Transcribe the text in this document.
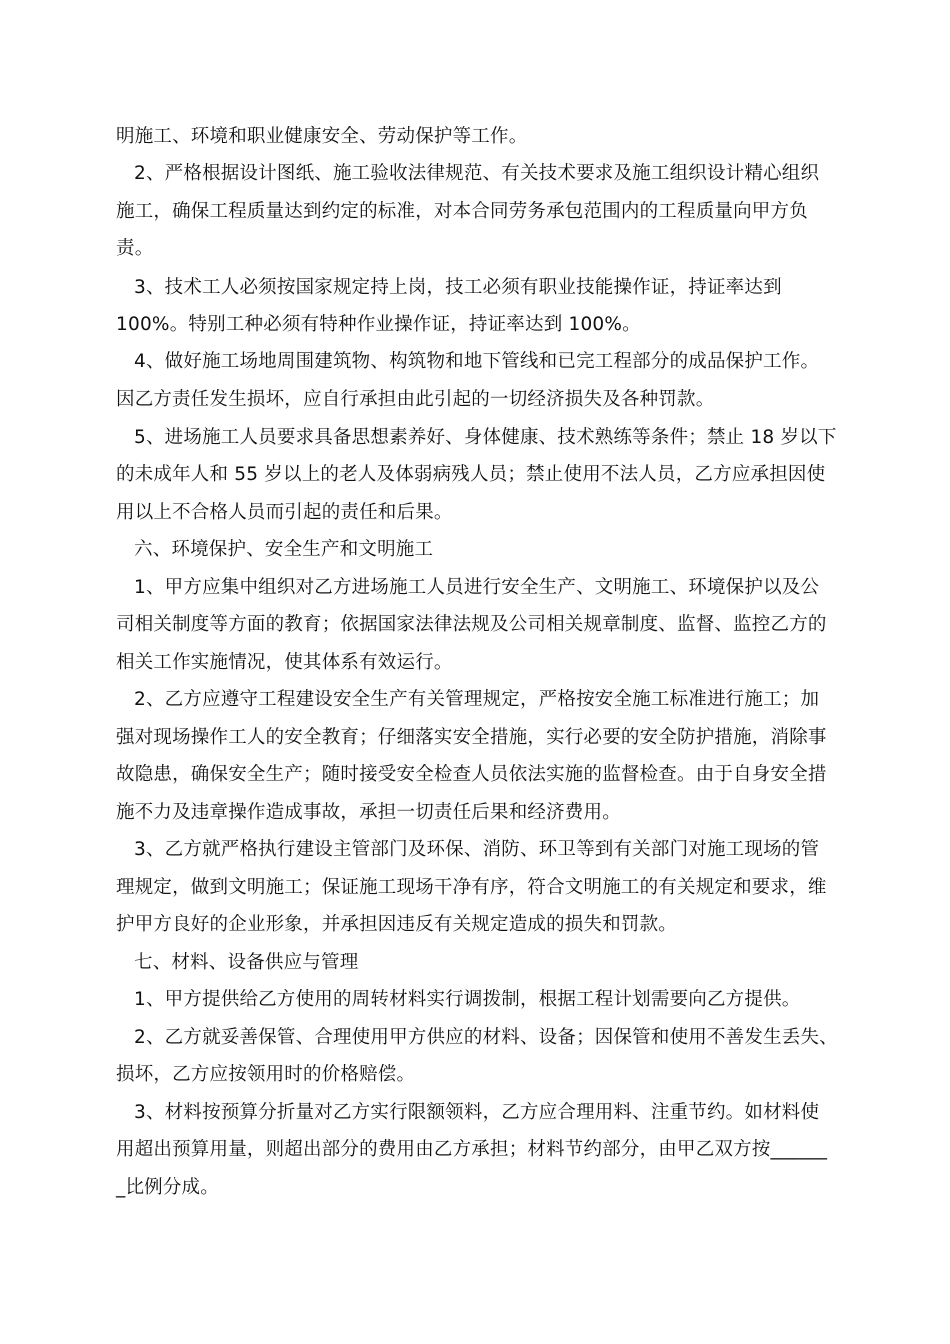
明施工、环境和职业健康安全、劳动保护等工作。
2、严格根据设计图纸、施工验收法律规范、有关技术要求及施工组织设计精心组织
施工，确保工程质量达到约定的标准，对本合同劳务承包范围内的工程质量向甲方负
责。
3、技术工人必须按国家规定持上岗，技工必须有职业技能操作证，持证率达到
100%。特别工种必须有特种作业操作证，持证率达到 100%。
4、做好施工场地周围建筑物、构筑物和地下管线和已完工程部分的成品保护工作。
因乙方责任发生损坏，应自行承担由此引起的一切经济损失及各种罚款。
5、进场施工人员要求具备思想素养好、身体健康、技术熟练等条件；禁止 18 岁以下
的未成年人和 55 岁以上的老人及体弱病残人员；禁止使用不法人员，乙方应承担因使
用以上不合格人员而引起的责任和后果。
六、环境保护、安全生产和文明施工
1、甲方应集中组织对乙方进场施工人员进行安全生产、文明施工、环境保护以及公
司相关制度等方面的教育；依据国家法律法规及公司相关规章制度、监督、监控乙方的
相关工作实施情况，使其体系有效运行。
2、乙方应遵守工程建设安全生产有关管理规定，严格按安全施工标准进行施工；加
强对现场操作工人的安全教育；仔细落实安全措施，实行必要的安全防护措施，消除事
故隐患，确保安全生产；随时接受安全检查人员依法实施的监督检查。由于自身安全措
施不力及违章操作造成事故，承担一切责任后果和经济费用。
3、乙方就严格执行建设主管部门及环保、消防、环卫等到有关部门对施工现场的管
理规定，做到文明施工；保证施工现场干净有序，符合文明施工的有关规定和要求，维
护甲方良好的企业形象，并承担因违反有关规定造成的损失和罚款。
七、材料、设备供应与管理
1、甲方提供给乙方使用的周转材料实行调拨制，根据工程计划需要向乙方提供。
2、乙方就妥善保管、合理使用甲方供应的材料、设备；因保管和使用不善发生丢失、
损坏，乙方应按领用时的价格赔偿。
3、材料按预算分折量对乙方实行限额领料，乙方应合理用料、注重节约。如材料使
用超出预算用量，则超出部分的费用由乙方承担；材料节约部分，由甲乙双方按______
_比例分成。
